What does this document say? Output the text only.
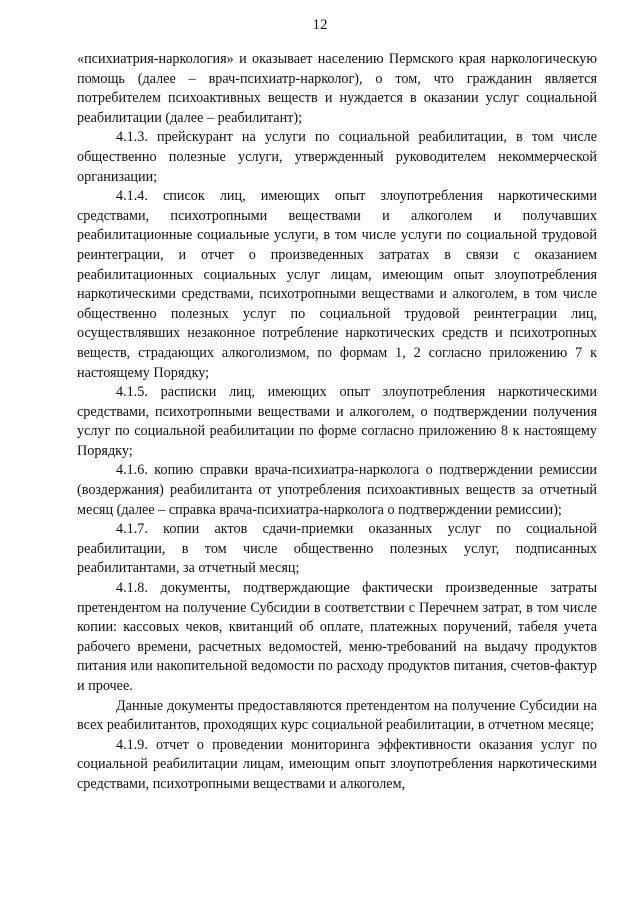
12

«психиатрия-наркология» и оказывает населению Пермского края наркологическую помощь (далее – врач-психиатр-нарколог), о том, что гражданин является потребителем психоактивных веществ и нуждается в оказании услуг социальной реабилитации (далее – реабилитант);

4.1.3. прейскурант на услуги по социальной реабилитации, в том числе общественно полезные услуги, утвержденный руководителем некоммерческой организации;

4.1.4. список лиц, имеющих опыт злоупотребления наркотическими средствами, психотропными веществами и алкоголем и получавших реабилитационные социальные услуги, в том числе услуги по социальной трудовой реинтеграции, и отчет о произведенных затратах в связи с оказанием реабилитационных социальных услуг лицам, имеющим опыт злоупотребления наркотическими средствами, психотропными веществами и алкоголем, в том числе общественно полезных услуг по социальной трудовой реинтеграции лиц, осуществлявших незаконное потребление наркотических средств и психотропных веществ, страдающих алкоголизмом, по формам 1, 2 согласно приложению 7 к настоящему Порядку;

4.1.5. расписки лиц, имеющих опыт злоупотребления наркотическими средствами, психотропными веществами и алкоголем, о подтверждении получения услуг по социальной реабилитации по форме согласно приложению 8 к настоящему Порядку;

4.1.6. копию справки врача-психиатра-нарколога о подтверждении ремиссии (воздержания) реабилитанта от употребления психоактивных веществ за отчетный месяц (далее – справка врача-психиатра-нарколога о подтверждении ремиссии);

4.1.7. копии актов сдачи-приемки оказанных услуг по социальной реабилитации, в том числе общественно полезных услуг, подписанных реабилитантами, за отчетный месяц;

4.1.8. документы, подтверждающие фактически произведенные затраты претендентом на получение Субсидии в соответствии с Перечнем затрат, в том числе копии: кассовых чеков, квитанций об оплате, платежных поручений, табеля учета рабочего времени, расчетных ведомостей, меню-требований на выдачу продуктов питания или накопительной ведомости по расходу продуктов питания, счетов-фактур и прочее.

Данные документы предоставляются претендентом на получение Субсидии на всех реабилитантов, проходящих курс социальной реабилитации, в отчетном месяце;

4.1.9. отчет о проведении мониторинга эффективности оказания услуг по социальной реабилитации лицам, имеющим опыт злоупотребления наркотическими средствами, психотропными веществами и алкоголем,
